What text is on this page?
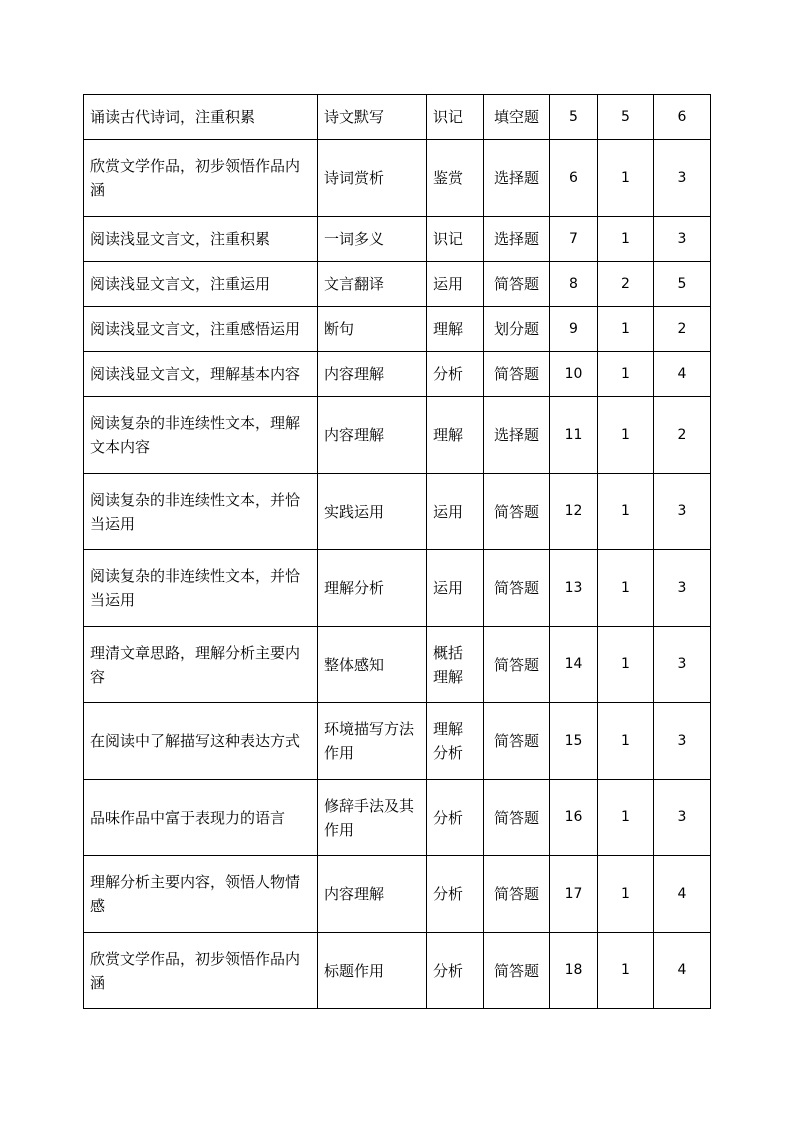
诵读古代诗词，注重积累	诗文默写	识记	填空题	5	5	6
欣赏文学作品，初步领悟作品内涵	诗词赏析	鉴赏	选择题	6	1	3
阅读浅显文言文，注重积累	一词多义	识记	选择题	7	1	3
阅读浅显文言文，注重运用	文言翻译	运用	简答题	8	2	5
阅读浅显文言文，注重感悟运用	断句	理解	划分题	9	1	2
阅读浅显文言文，理解基本内容	内容理解	分析	简答题	10	1	4
阅读复杂的非连续性文本，理解文本内容	内容理解	理解	选择题	11	1	2
阅读复杂的非连续性文本，并恰当运用	实践运用	运用	简答题	12	1	3
阅读复杂的非连续性文本，并恰当运用	理解分析	运用	简答题	13	1	3
理清文章思路，理解分析主要内容	整体感知	概括理解	简答题	14	1	3
在阅读中了解描写这种表达方式	环境描写方法作用	理解分析	简答题	15	1	3
品味作品中富于表现力的语言	修辞手法及其作用	分析	简答题	16	1	3
理解分析主要内容，领悟人物情感	内容理解	分析	简答题	17	1	4
欣赏文学作品，初步领悟作品内涵	标题作用	分析	简答题	18	1	4
